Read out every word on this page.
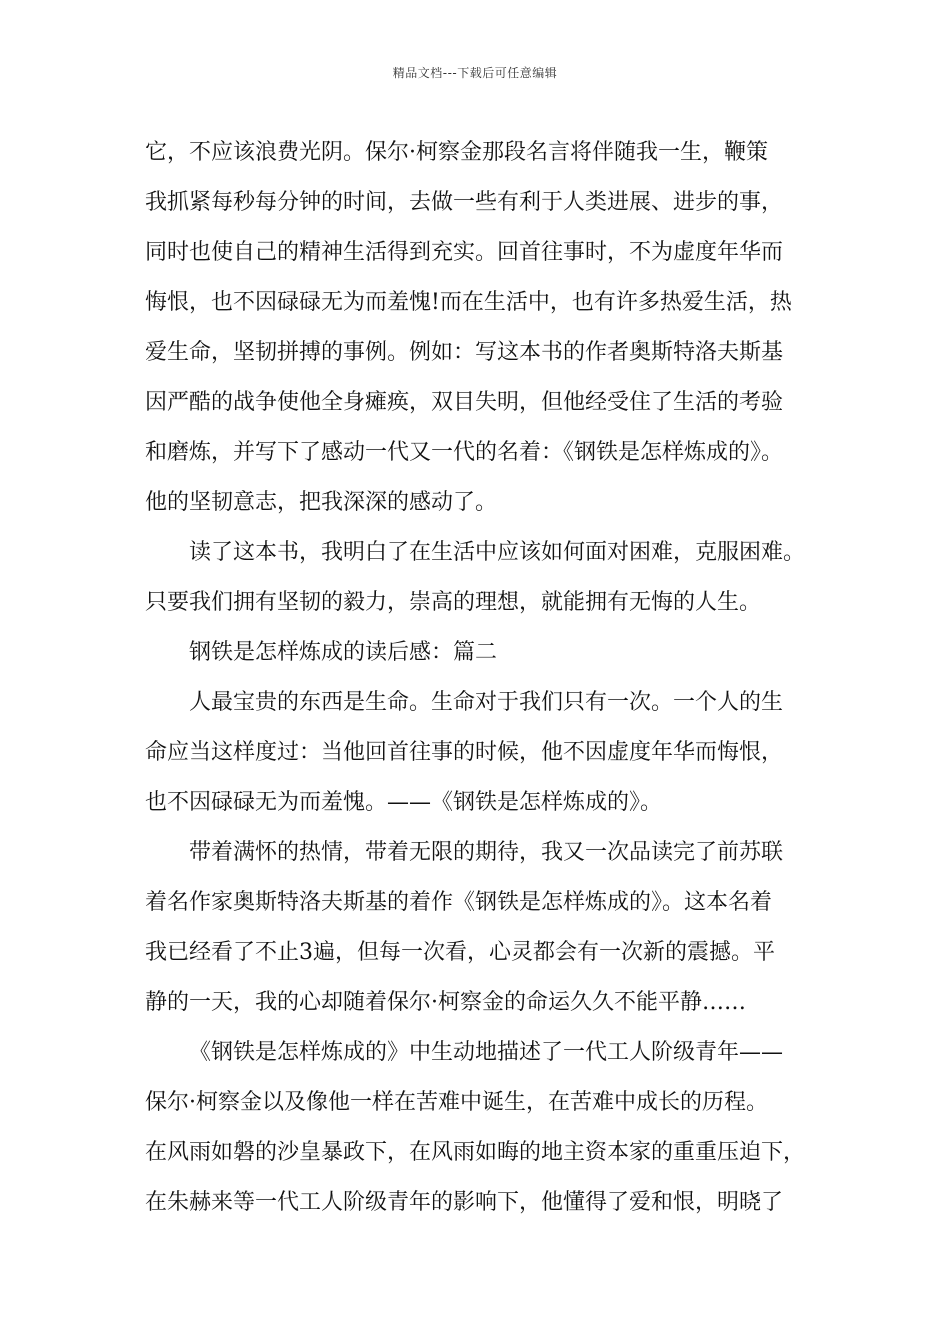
精品文档---下载后可任意编辑
它，不应该浪费光阴。保尔·柯察金那段名言将伴随我一生，鞭策
我抓紧每秒每分钟的时间，去做一些有利于人类进展、进步的事，
同时也使自己的精神生活得到充实。回首往事时，不为虚度年华而
悔恨，也不因碌碌无为而羞愧!而在生活中，也有许多热爱生活，热
爱生命，坚韧拼搏的事例。例如：写这本书的作者奥斯特洛夫斯基
因严酷的战争使他全身瘫痪，双目失明，但他经受住了生活的考验
和磨炼，并写下了感动一代又一代的名着：《钢铁是怎样炼成的》。
他的坚韧意志，把我深深的感动了。
读了这本书，我明白了在生活中应该如何面对困难，克服困难。
只要我们拥有坚韧的毅力，崇高的理想，就能拥有无悔的人生。
钢铁是怎样炼成的读后感：篇二
人最宝贵的东西是生命。生命对于我们只有一次。一个人的生
命应当这样度过：当他回首往事的时候，他不因虚度年华而悔恨，
也不因碌碌无为而羞愧。——《钢铁是怎样炼成的》。
带着满怀的热情，带着无限的期待，我又一次品读完了前苏联
着名作家奥斯特洛夫斯基的着作《钢铁是怎样炼成的》。这本名着
我已经看了不止3遍，但每一次看，心灵都会有一次新的震撼。平
静的一天，我的心却随着保尔·柯察金的命运久久不能平静……
《钢铁是怎样炼成的》中生动地描述了一代工人阶级青年——
保尔·柯察金以及像他一样在苦难中诞生，在苦难中成长的历程。
在风雨如磐的沙皇暴政下，在风雨如晦的地主资本家的重重压迫下，
在朱赫来等一代工人阶级青年的影响下，他懂得了爱和恨，明晓了
